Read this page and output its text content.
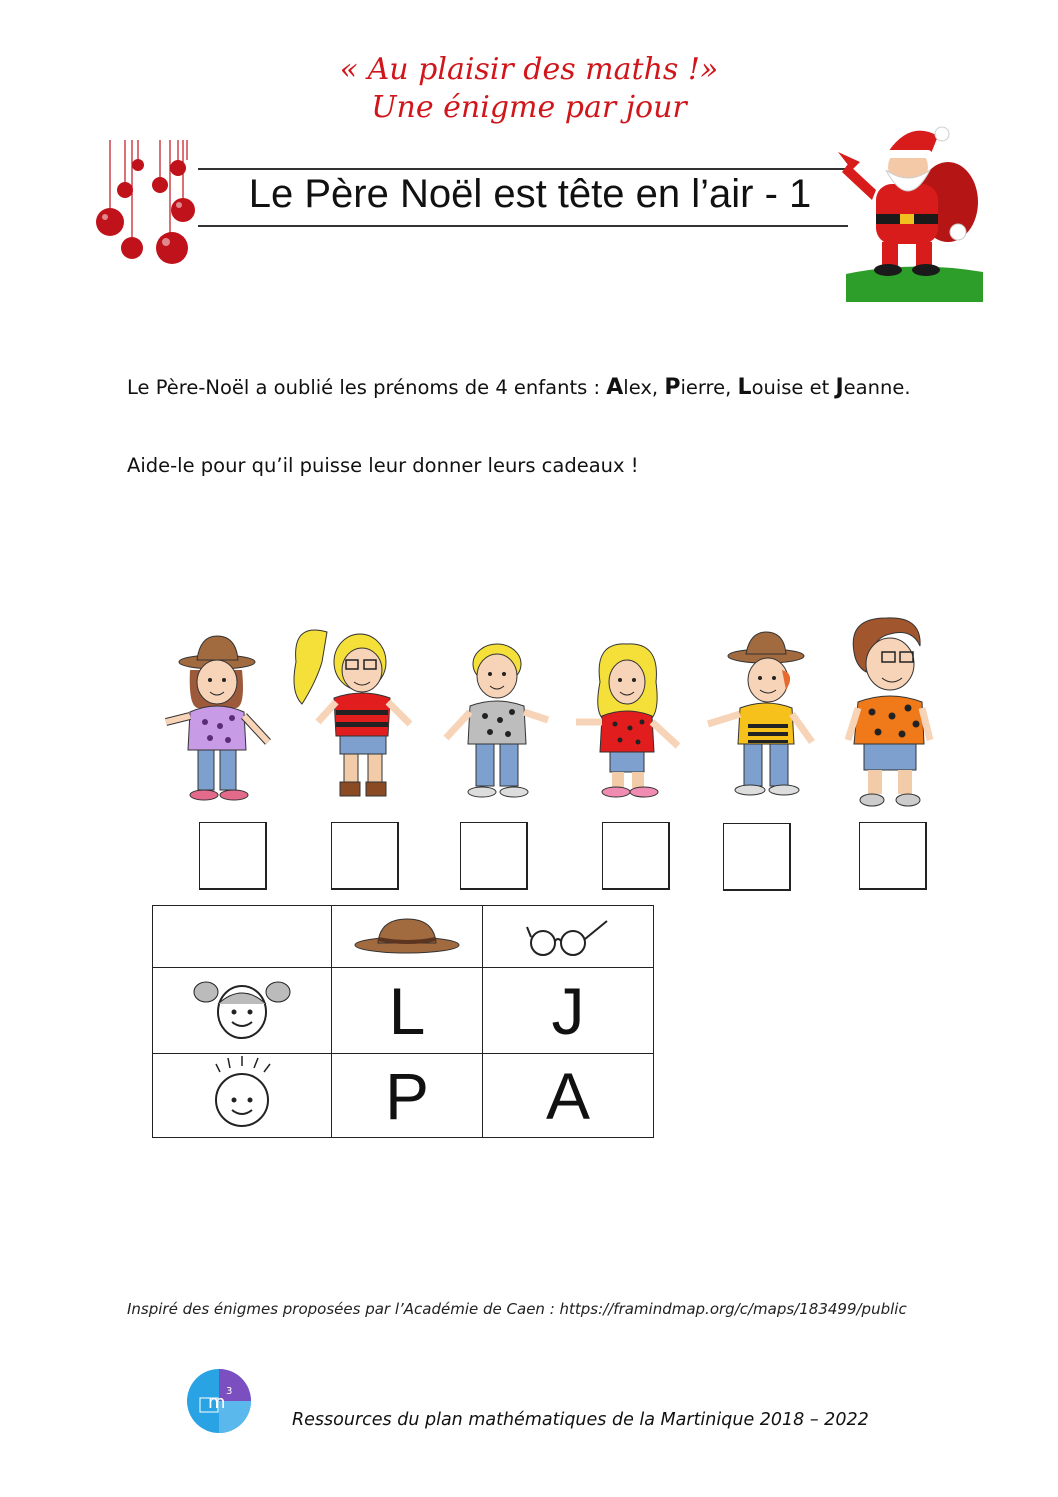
« Au plaisir des maths !»
Une énigme par jour
Le Père Noël est tête en l’air - 1
Le Père-Noël a oublié les prénoms de 4 enfants : Alex, Pierre, Louise et Jeanne.
Aide-le pour qu’il puisse leur donner leurs cadeaux !

	L	J
	P	A
Inspiré des énigmes proposées par l’Académie de Caen : https://framindmap.org/c/maps/183499/public
m
3
Ressources du plan mathématiques de la Martinique 2018 – 2022
